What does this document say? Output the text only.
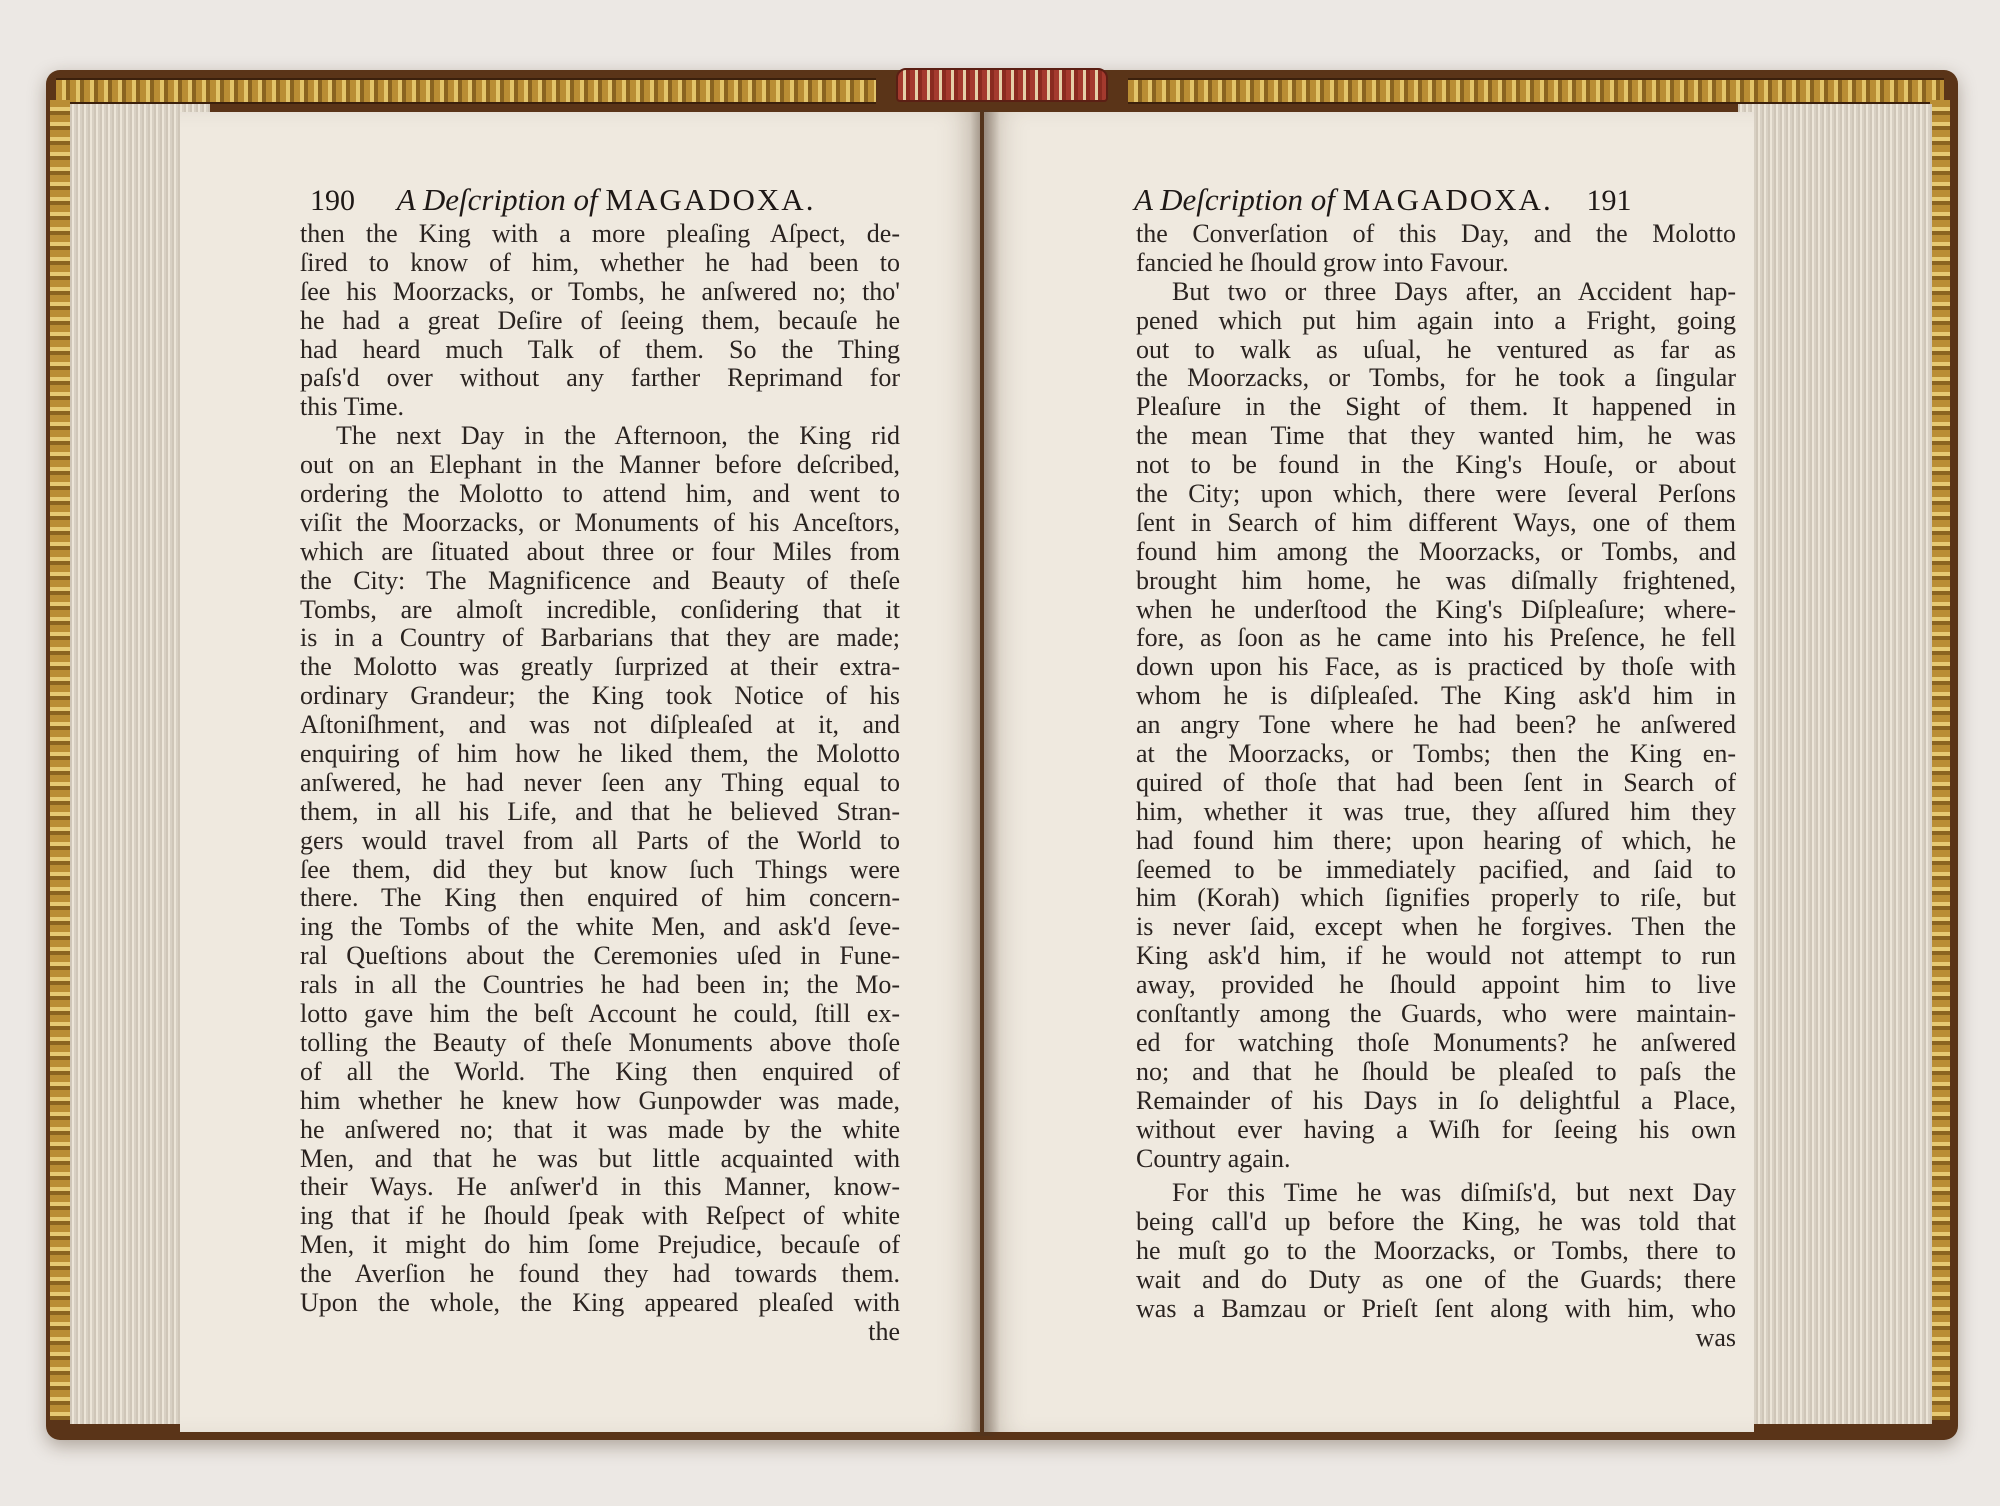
190 A Deſcription of MAGADOXA.
then the King with a more pleaſing Aſpect, de-
ſired to know of him, whether he had been to
ſee his Moorzacks, or Tombs, he anſwered no; tho'
he had a great Deſire of ſeeing them, becauſe he
had heard much Talk of them. So the Thing
paſs'd over without any farther Reprimand for
this Time.
The next Day in the Afternoon, the King rid
out on an Elephant in the Manner before deſcribed,
ordering the Molotto to attend him, and went to
viſit the Moorzacks, or Monuments of his Anceſtors,
which are ſituated about three or four Miles from
the City: The Magnificence and Beauty of theſe
Tombs, are almoſt incredible, conſidering that it
is in a Country of Barbarians that they are made;
the Molotto was greatly ſurprized at their extra-
ordinary Grandeur; the King took Notice of his
Aſtoniſhment, and was not diſpleaſed at it, and
enquiring of him how he liked them, the Molotto
anſwered, he had never ſeen any Thing equal to
them, in all his Life, and that he believed Stran-
gers would travel from all Parts of the World to
ſee them, did they but know ſuch Things were
there. The King then enquired of him concern-
ing the Tombs of the white Men, and ask'd ſeve-
ral Queſtions about the Ceremonies uſed in Fune-
rals in all the Countries he had been in; the Mo-
lotto gave him the beſt Account he could, ſtill ex-
tolling the Beauty of theſe Monuments above thoſe
of all the World. The King then enquired of
him whether he knew how Gunpowder was made,
he anſwered no; that it was made by the white
Men, and that he was but little acquainted with
their Ways. He anſwer'd in this Manner, know-
ing that if he ſhould ſpeak with Reſpect of white
Men, it might do him ſome Prejudice, becauſe of
the Averſion he found they had towards them.
Upon the whole, the King appeared pleaſed with
the
A Deſcription of MAGADOXA. 191
the Converſation of this Day, and the Molotto
fancied he ſhould grow into Favour.
But two or three Days after, an Accident hap-
pened which put him again into a Fright, going
out to walk as uſual, he ventured as far as
the Moorzacks, or Tombs, for he took a ſingular
Pleaſure in the Sight of them. It happened in
the mean Time that they wanted him, he was
not to be found in the King's Houſe, or about
the City; upon which, there were ſeveral Perſons
ſent in Search of him different Ways, one of them
found him among the Moorzacks, or Tombs, and
brought him home, he was diſmally frightened,
when he underſtood the King's Diſpleaſure; where-
fore, as ſoon as he came into his Preſence, he fell
down upon his Face, as is practiced by thoſe with
whom he is diſpleaſed. The King ask'd him in
an angry Tone where he had been? he anſwered
at the Moorzacks, or Tombs; then the King en-
quired of thoſe that had been ſent in Search of
him, whether it was true, they aſſured him they
had found him there; upon hearing of which, he
ſeemed to be immediately pacified, and ſaid to
him (Korah) which ſignifies properly to riſe, but
is never ſaid, except when he forgives. Then the
King ask'd him, if he would not attempt to run
away, provided he ſhould appoint him to live
conſtantly among the Guards, who were maintain-
ed for watching thoſe Monuments? he anſwered
no; and that he ſhould be pleaſed to paſs the
Remainder of his Days in ſo delightful a Place,
without ever having a Wiſh for ſeeing his own
Country again.
For this Time he was diſmiſs'd, but next Day
being call'd up before the King, he was told that
he muſt go to the Moorzacks, or Tombs, there to
wait and do Duty as one of the Guards; there
was a Bamzau or Prieſt ſent along with him, who
was
